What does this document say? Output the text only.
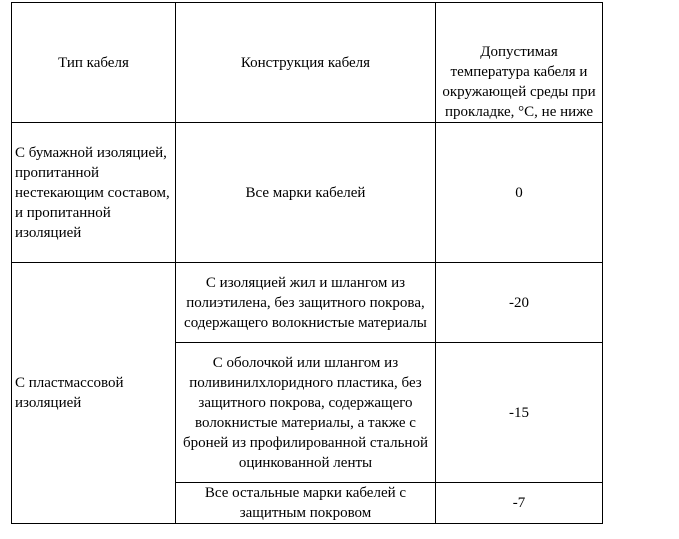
Тип кабеля	Конструкция кабеля	Допустимая температура кабеля и окружающей среды при прокладке, °С, не ниже
С бумажной изоляцией, пропитанной нестекающим составом, и пропитанной изоляцией	Все марки кабелей	0
С пластмассовой изоляцией	С изоляцией жил и шлангом из полиэтилена, без защитного покрова, содержащего волокнистые материалы	-20
	С оболочкой или шлангом из поливинилхлоридного пластика, без защитного покрова, содержащего волокнистые материалы, а также с броней из профилированной стальной оцинкованной ленты	-15
	Все остальные марки кабелей с защитным покровом	-7
